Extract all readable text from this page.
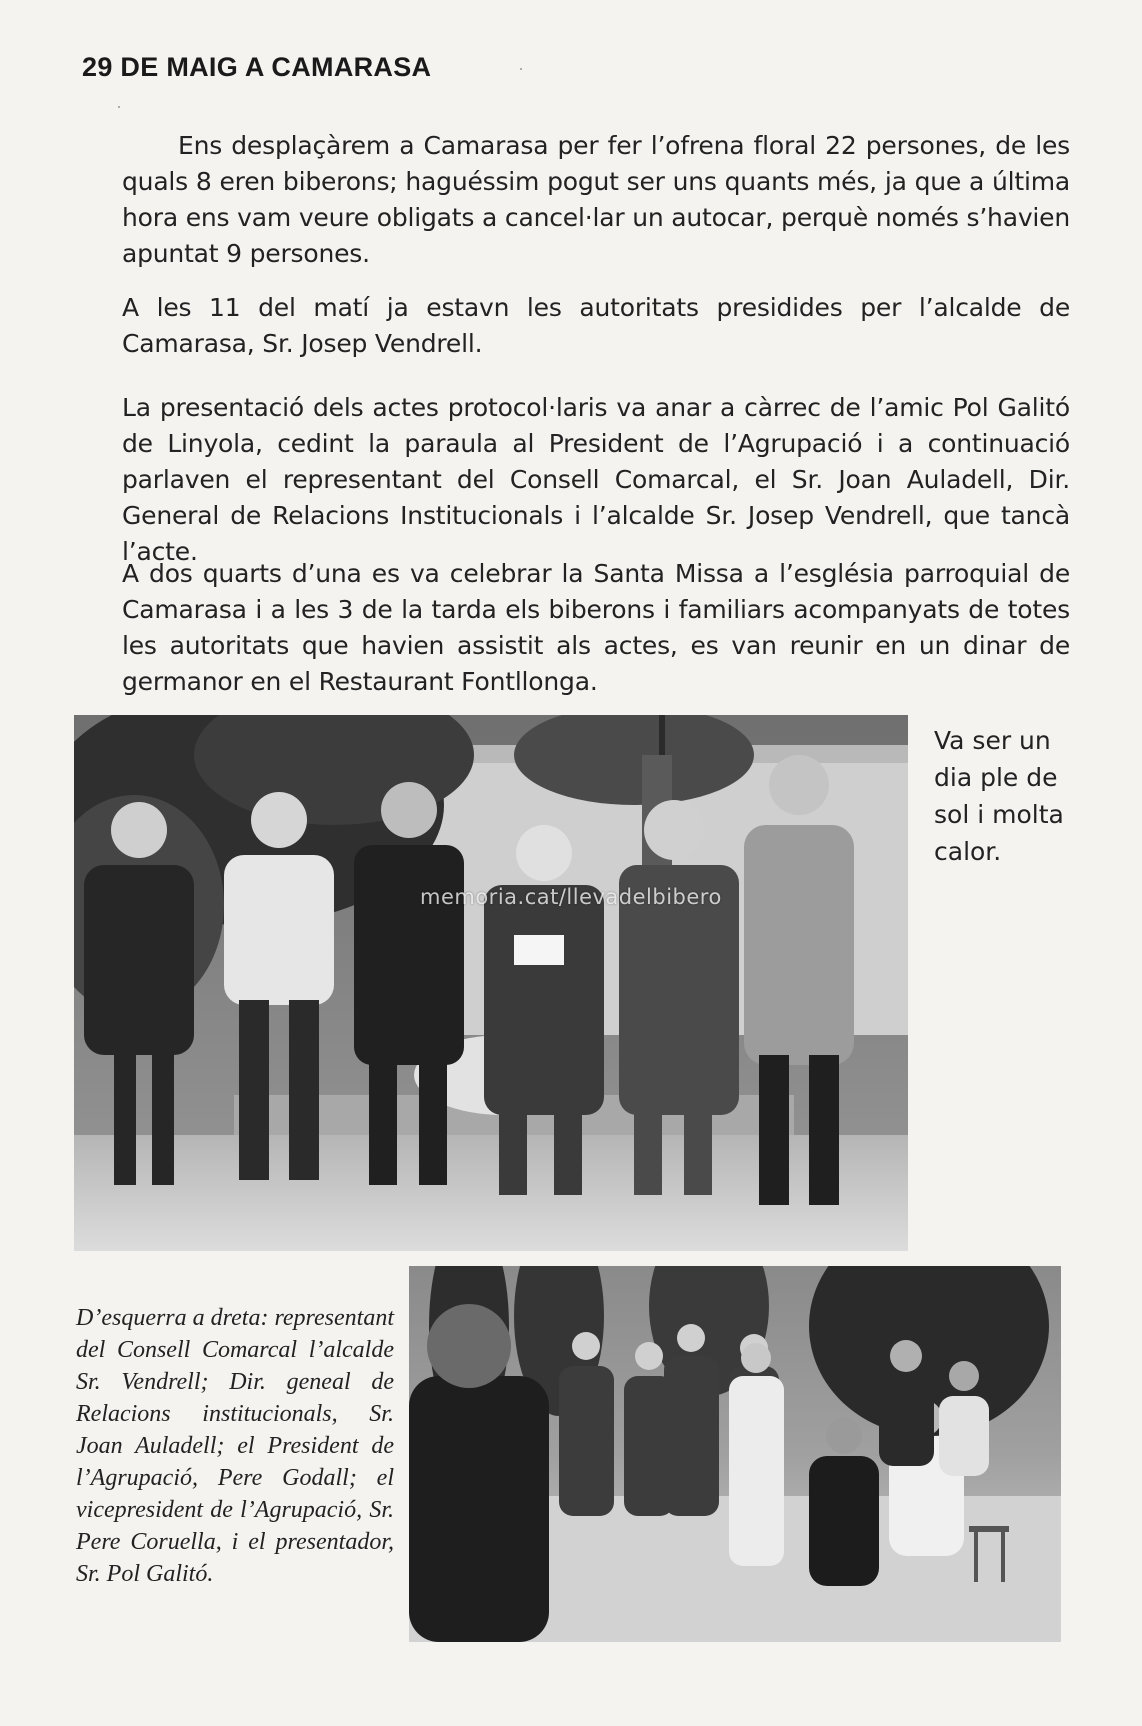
29 DE MAIG A CAMARASA
Ens desplaçàrem a Camarasa per fer l’ofrena floral 22 persones, de les quals 8 eren biberons; haguéssim pogut ser uns quants més, ja que a última hora ens vam veure obligats a cancel·lar un autocar, perquè només s’havien apuntat 9 persones.
A les 11 del matí ja estavn les autoritats presidides per l’alcalde de Camarasa, Sr. Josep Vendrell.
La presentació dels actes protocol·laris va anar a càrrec de l’amic Pol Galitó de Linyola, cedint la paraula al President de l’Agrupació i a continuació parlaven el representant del Consell Comarcal, el Sr. Joan Auladell, Dir. General de Relacions Institucionals i l’alcalde Sr. Josep Vendrell, que tancà l’acte.
A dos quarts d’una es va celebrar la Santa Missa a l’església parroquial de Camarasa i a les 3 de la tarda els biberons i familiars acompanyats de totes les autoritats que havien assistit als actes, es van reunir en un dinar de germanor en el Restaurant Fontllonga.
memoria.cat/llevadelbibero
Va ser un dia ple de sol i molta calor.
D’esquerra a dreta: representant del Consell Comarcal l’alcalde Sr. Vendrell; Dir. geneal de Relacions institucionals, Sr. Joan Auladell; el President de l’Agrupació, Pere Godall; el vicepresident de l’Agrupació, Sr. Pere Coruella, i el presentador, Sr. Pol Galitó.
